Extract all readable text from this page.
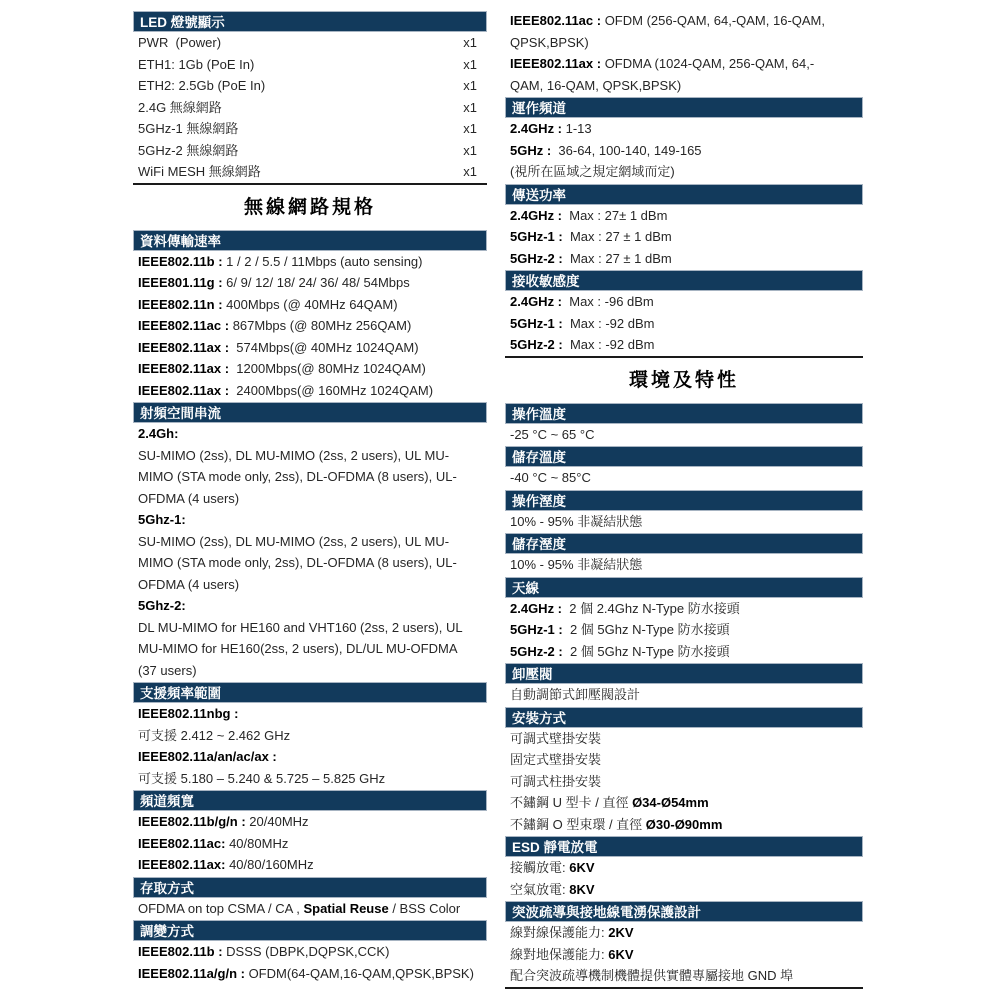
LED 燈號顯示
PWR  (Power)	x1
ETH1: 1Gb (PoE In)	x1
ETH2: 2.5Gb (PoE In)	x1
2.4G 無線網路	x1
5GHz-1 無線網路	x1
5GHz-2 無線網路	x1
WiFi MESH 無線網路	x1
無線網路規格
資料傳輸速率
IEEE802.11b : 1 / 2 / 5.5 / 11Mbps (auto sensing)
IEEE801.11g : 6/ 9/ 12/ 18/ 24/ 36/ 48/ 54Mbps
IEEE802.11n : 400Mbps (@ 40MHz 64QAM)
IEEE802.11ac : 867Mbps (@ 80MHz 256QAM)
IEEE802.11ax :  574Mbps(@ 40MHz 1024QAM)
IEEE802.11ax :  1200Mbps(@ 80MHz 1024QAM)
IEEE802.11ax :  2400Mbps(@ 160MHz 1024QAM)
射頻空間串流
2.4Gh:
SU-MIMO (2ss), DL MU-MIMO (2ss, 2 users), UL MU-
MIMO (STA mode only, 2ss), DL-OFDMA (8 users), UL-
OFDMA (4 users)
5Ghz-1:
SU-MIMO (2ss), DL MU-MIMO (2ss, 2 users), UL MU-
MIMO (STA mode only, 2ss), DL-OFDMA (8 users), UL-
OFDMA (4 users)
5Ghz-2:
DL MU-MIMO for HE160 and VHT160 (2ss, 2 users), UL
MU-MIMO for HE160(2ss, 2 users), DL/UL MU-OFDMA
(37 users)
支援頻率範圍
IEEE802.11nbg :
可支援 2.412 ~ 2.462 GHz
IEEE802.11a/an/ac/ax :
可支援 5.180 – 5.240 & 5.725 – 5.825 GHz
頻道頻寬
IEEE802.11b/g/n : 20/40MHz
IEEE802.11ac: 40/80MHz
IEEE802.11ax: 40/80/160MHz
存取方式
OFDMA on top CSMA / CA , Spatial Reuse / BSS Color
調變方式
IEEE802.11b : DSSS (DBPK,DQPSK,CCK)
IEEE802.11a/g/n : OFDM(64-QAM,16-QAM,QPSK,BPSK)
IEEE802.11ac : OFDM (256-QAM, 64,-QAM, 16-QAM,
QPSK,BPSK)
IEEE802.11ax : OFDMA (1024-QAM, 256-QAM, 64,-
QAM, 16-QAM, QPSK,BPSK)
運作頻道
2.4GHz : 1-13
5GHz :  36-64, 100-140, 149-165
(視所在區域之規定網域而定)
傳送功率
2.4GHz :  Max : 27± 1 dBm
5GHz-1 :  Max : 27 ± 1 dBm
5GHz-2 :  Max : 27 ± 1 dBm
接收敏感度
2.4GHz :  Max : -96 dBm
5GHz-1 :  Max : -92 dBm
5GHz-2 :  Max : -92 dBm
環境及特性
操作溫度
-25 °C ~ 65 °C
儲存溫度
-40 °C ~ 85°C
操作溼度
10% - 95% 非凝結狀態
儲存溼度
10% - 95% 非凝結狀態
天線
2.4GHz :  2 個 2.4Ghz N-Type 防水接頭
5GHz-1 :  2 個 5Ghz N-Type 防水接頭
5GHz-2 :  2 個 5Ghz N-Type 防水接頭
卸壓閥
自動調節式卸壓閥設計
安裝方式
可調式壁掛安裝
固定式壁掛安裝
可調式柱掛安裝
不鏽鋼 U 型卡 / 直徑 Ø34-Ø54mm
不鏽鋼 O 型束環 / 直徑 Ø30-Ø90mm
ESD 靜電放電
接觸放電: 6KV
空氣放電: 8KV
突波疏導與接地線電湧保護設計
線對線保護能力: 2KV
線對地保護能力: 6KV
配合突波疏導機制機體提供實體專屬接地 GND 埠
